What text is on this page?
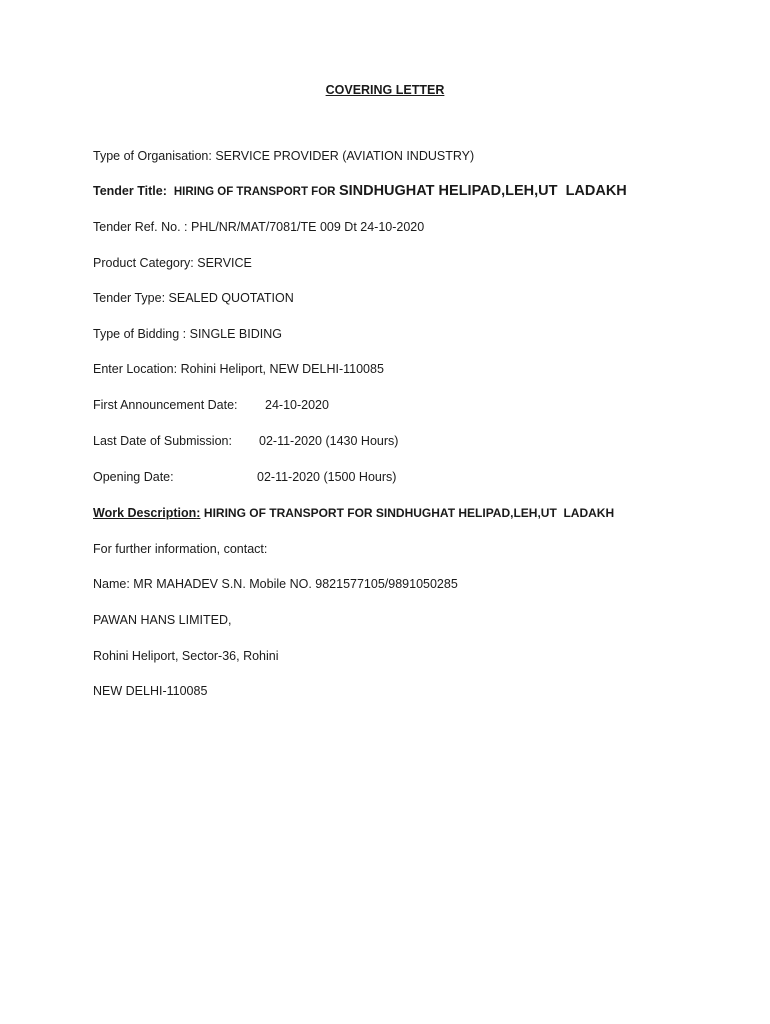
COVERING LETTER
Type of Organisation: SERVICE PROVIDER (AVIATION INDUSTRY)
Tender Title: HIRING OF TRANSPORT FOR SINDHUGHAT HELIPAD,LEH,UT  LADAKH
Tender Ref. No. : PHL/NR/MAT/7081/TE 009 Dt 24-10-2020
Product Category: SERVICE
Tender Type: SEALED QUOTATION
Type of Bidding : SINGLE BIDING
Enter Location: Rohini Heliport, NEW DELHI-110085
First Announcement Date: 24-10-2020
Last Date of Submission: 02-11-2020 (1430 Hours)
Opening Date:	02-11-2020 (1500 Hours)
Work Description: HIRING OF TRANSPORT FOR SINDHUGHAT HELIPAD,LEH,UT  LADAKH
For further information, contact:
Name: MR MAHADEV S.N. Mobile NO. 9821577105/9891050285
PAWAN HANS LIMITED,
Rohini Heliport, Sector-36, Rohini
NEW DELHI-110085
